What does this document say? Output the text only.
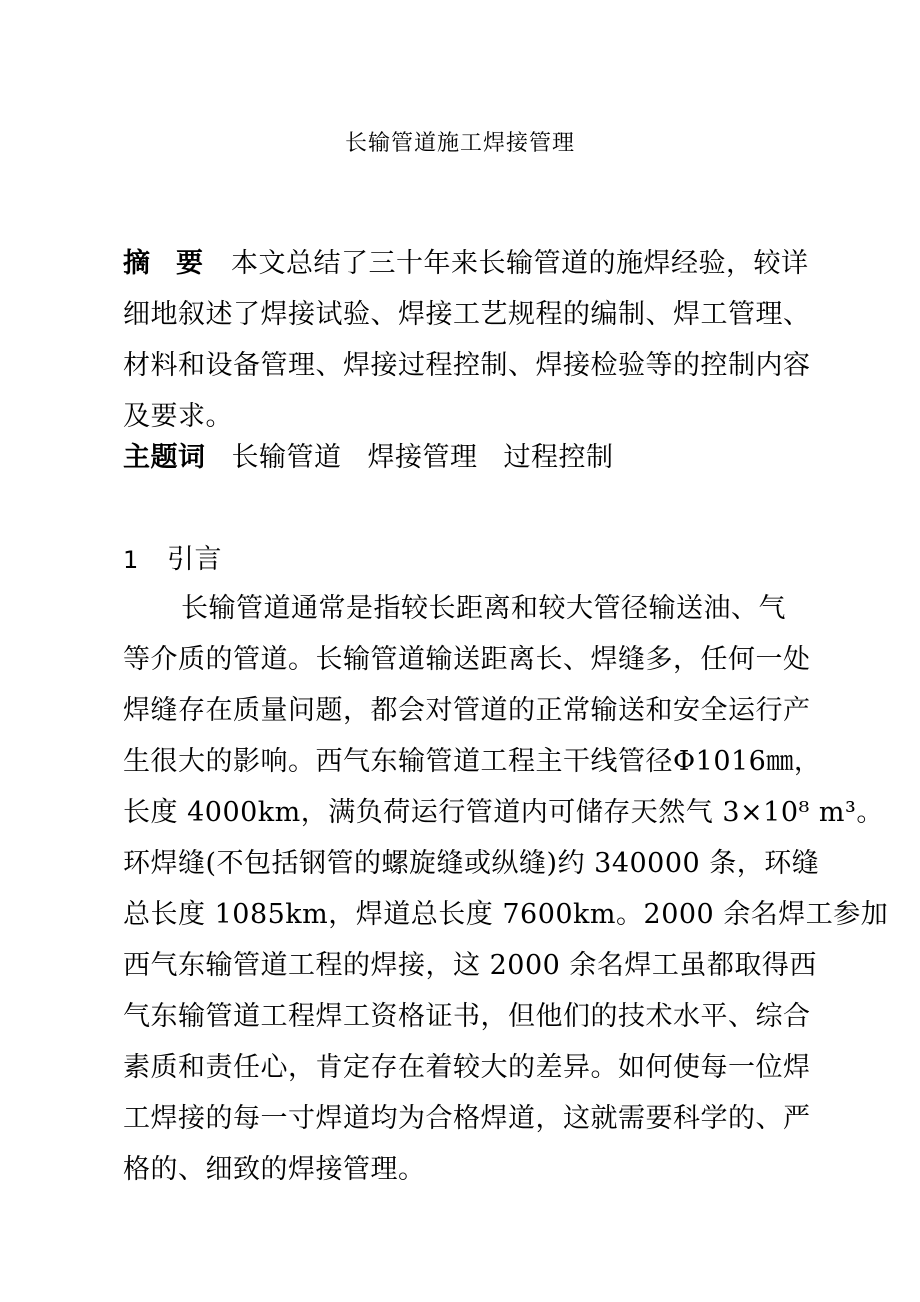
长输管道施工焊接管理
摘要本文总结了三十年来长输管道的施焊经验，较详
细地叙述了焊接试验、焊接工艺规程的编制、焊工管理、
材料和设备管理、焊接过程控制、焊接检验等的控制内容
及要求。
主题词 长输管道 焊接管理 过程控制
1 引言
长输管道通常是指较长距离和较大管径输送油、气
等介质的管道。长输管道输送距离长、焊缝多，任何一处
焊缝存在质量问题，都会对管道的正常输送和安全运行产
生很大的影响。西气东输管道工程主干线管径Φ1016㎜，
长度 4000km，满负荷运行管道内可储存天然气 3×10⁸ m³。
环焊缝(不包括钢管的螺旋缝或纵缝)约 340000 条，环缝
总长度 1085km，焊道总长度 7600km。2000 余名焊工参加
西气东输管道工程的焊接，这 2000 余名焊工虽都取得西
气东输管道工程焊工资格证书，但他们的技术水平、综合
素质和责任心，肯定存在着较大的差异。如何使每一位焊
工焊接的每一寸焊道均为合格焊道，这就需要科学的、严
格的、细致的焊接管理。
